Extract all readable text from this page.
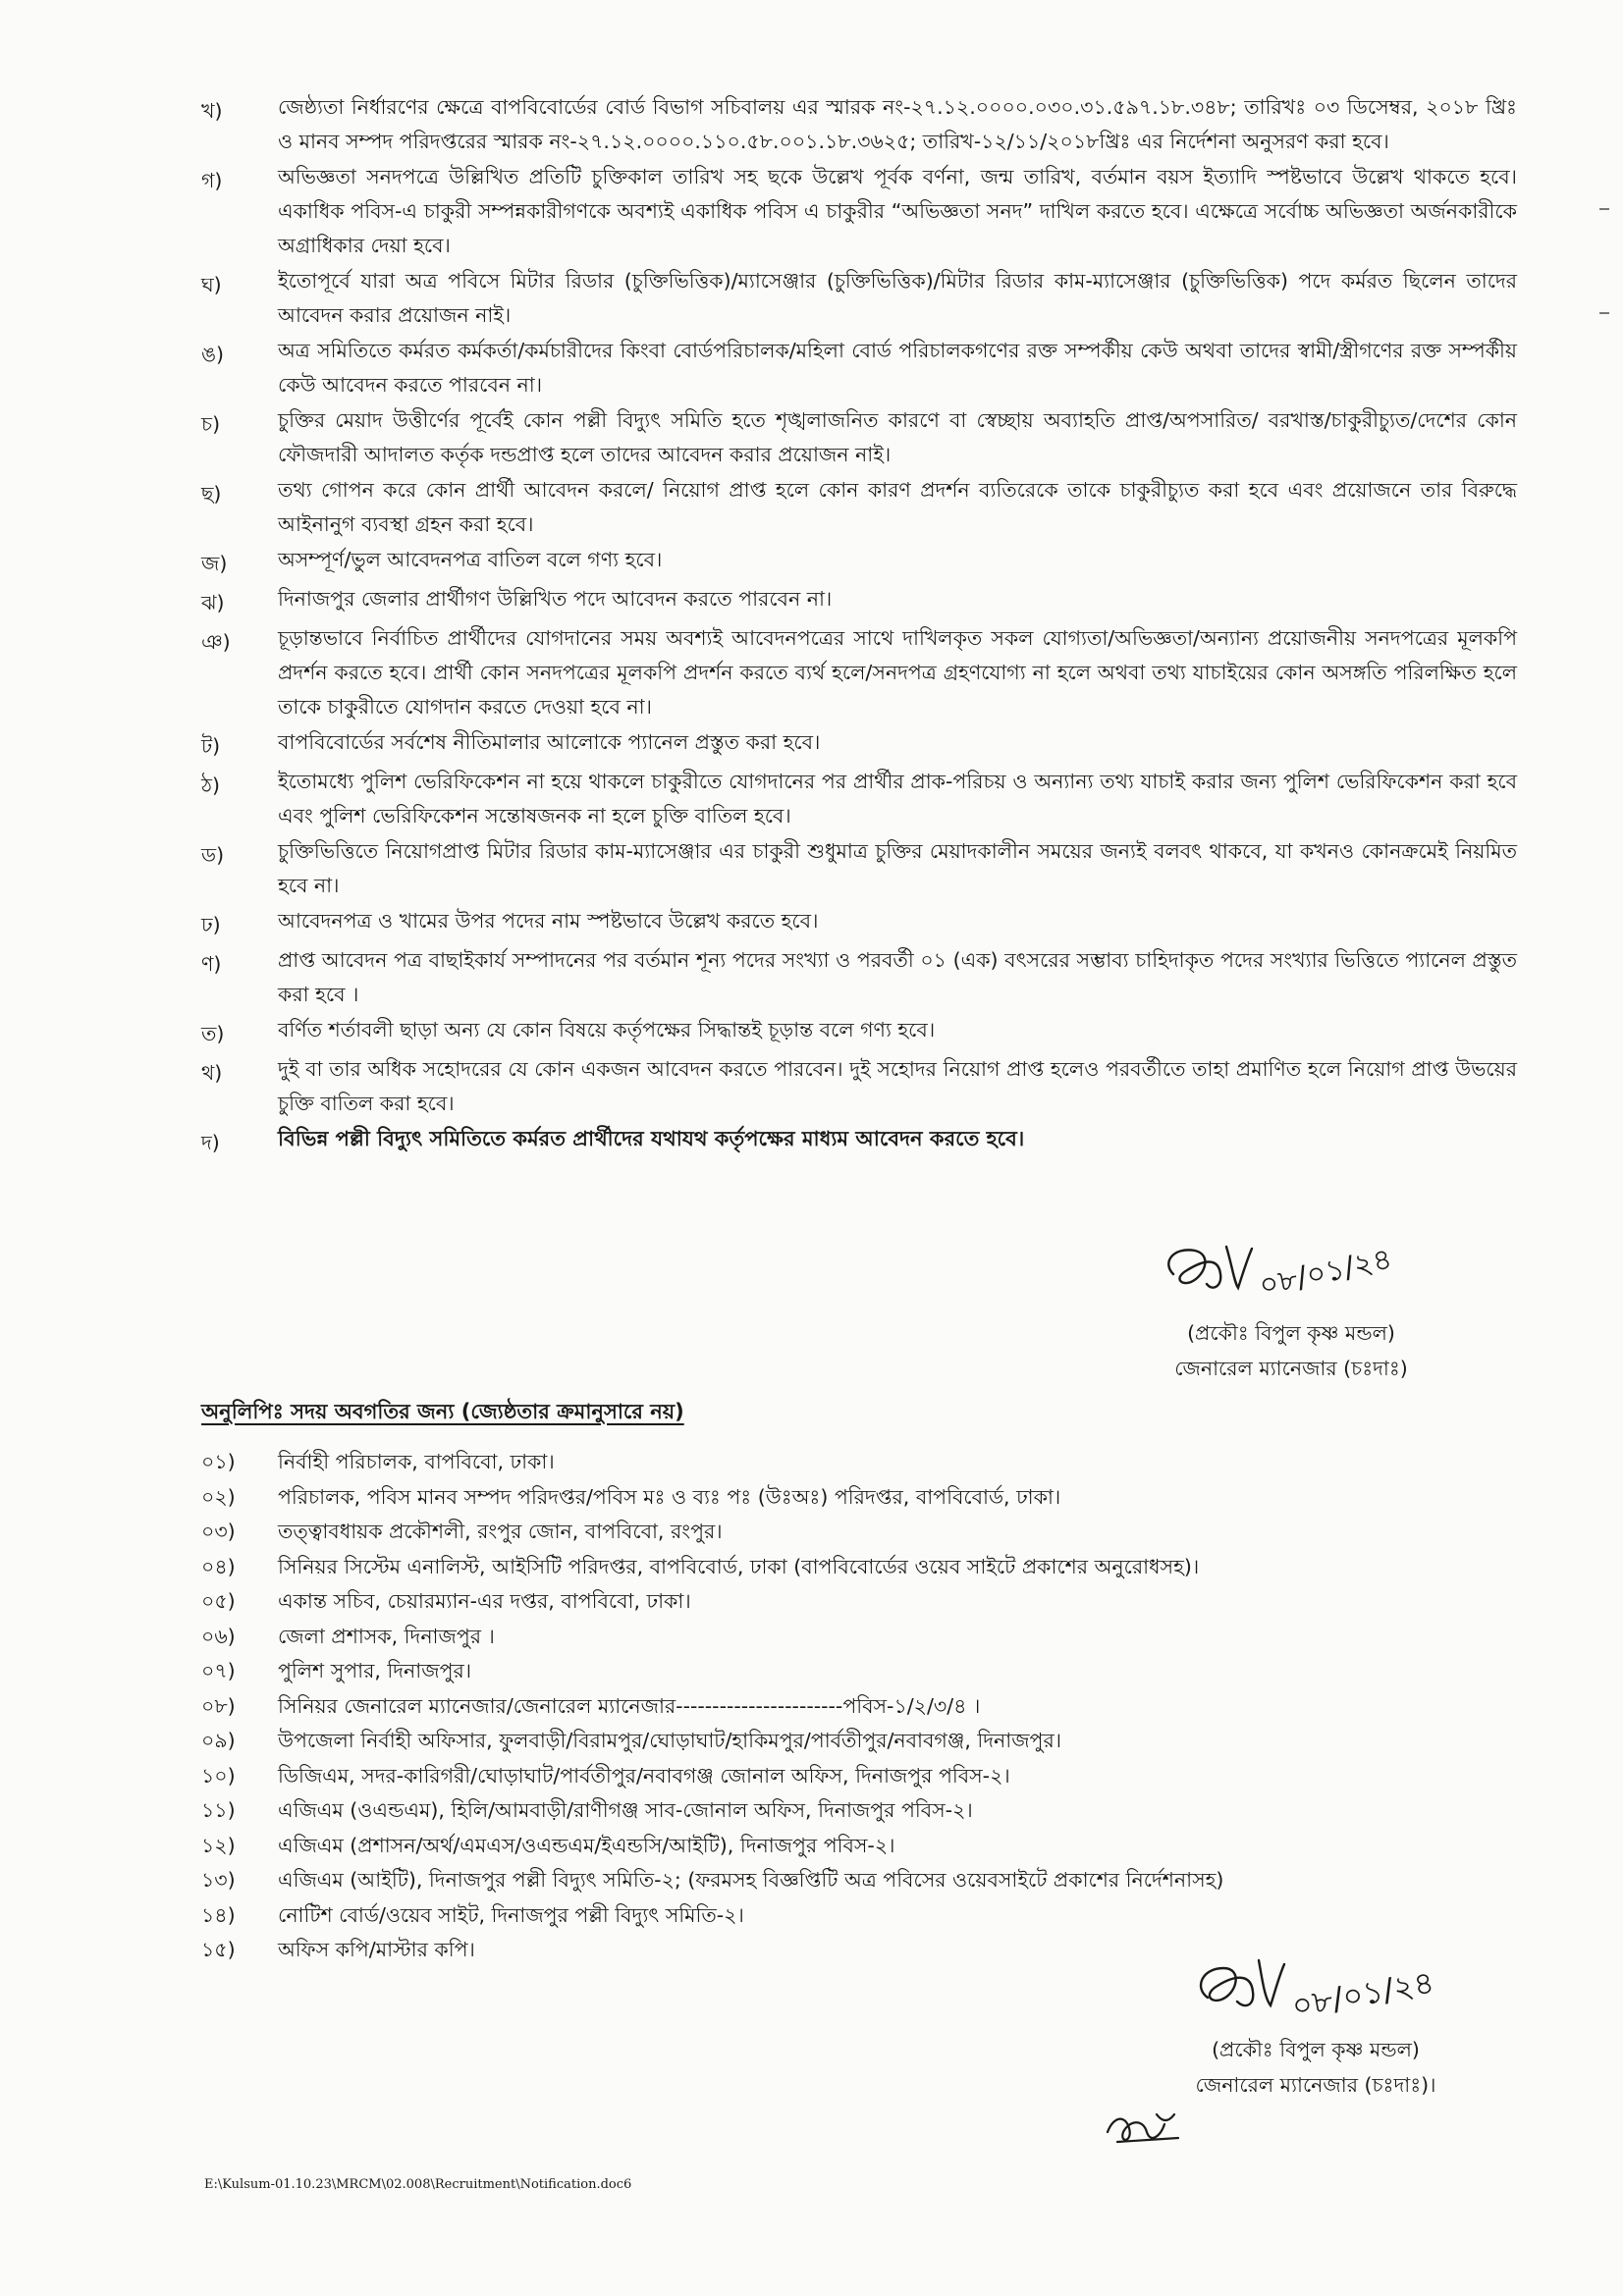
খ)	জেষ্ঠ্যতা নির্ধারণের ক্ষেত্রে বাপবিবোর্ডের বোর্ড বিভাগ সচিবালয় এর স্মারক নং-২৭.১২.০০০০.০৩০.৩১.৫৯৭.১৮.৩৪৮; তারিখঃ ০৩ ডিসেম্বর, ২০১৮ খ্রিঃ ও মানব সম্পদ পরিদপ্তরের স্মারক নং-২৭.১২.০০০০.১১০.৫৮.০০১.১৮.৩৬২৫; তারিখ-১২/১১/২০১৮খ্রিঃ এর নির্দেশনা অনুসরণ করা হবে।
গ)	অভিজ্ঞতা সনদপত্রে উল্লিখিত প্রতিটি চুক্তিকাল তারিখ সহ ছকে উল্লেখ পূর্বক বর্ণনা, জন্ম তারিখ, বর্তমান বয়স ইত্যাদি স্পষ্টভাবে উল্লেখ থাকতে হবে। একাধিক পবিস-এ চাকুরী সম্পন্নকারীগণকে অবশ্যই একাধিক পবিস এ চাকুরীর “অভিজ্ঞতা সনদ” দাখিল করতে হবে। এক্ষেত্রে সর্বোচ্চ অভিজ্ঞতা অর্জনকারীকে অগ্রাধিকার দেয়া হবে।
ঘ)	ইতোপূর্বে যারা অত্র পবিসে মিটার রিডার (চুক্তিভিত্তিক)/ম্যাসেঞ্জার (চুক্তিভিত্তিক)/মিটার রিডার কাম-ম্যাসেঞ্জার (চুক্তিভিত্তিক) পদে কর্মরত ছিলেন তাদের আবেদন করার প্রয়োজন নাই।
ঙ)	অত্র সমিতিতে কর্মরত কর্মকর্তা/কর্মচারীদের কিংবা বোর্ডপরিচালক/মহিলা বোর্ড পরিচালকগণের রক্ত সম্পর্কীয় কেউ অথবা তাদের স্বামী/স্ত্রীগণের রক্ত সম্পর্কীয় কেউ আবেদন করতে পারবেন না।
চ)	চুক্তির মেয়াদ উত্তীর্ণের পূর্বেই কোন পল্লী বিদ্যুৎ সমিতি হতে শৃঙ্খলাজনিত কারণে বা স্বেচ্ছায় অব্যাহতি প্রাপ্ত/অপসারিত/ বরখাস্ত/চাকুরীচ্যুত/দেশের কোন ফৌজদারী আদালত কর্তৃক দন্ডপ্রাপ্ত হলে তাদের আবেদন করার প্রয়োজন নাই।
ছ)	তথ্য গোপন করে কোন প্রার্থী আবেদন করলে/ নিয়োগ প্রাপ্ত হলে কোন কারণ প্রদর্শন ব্যতিরেকে তাকে চাকুরীচ্যুত করা হবে এবং প্রয়োজনে তার বিরুদ্ধে আইনানুগ ব্যবস্থা গ্রহন করা হবে।
জ)	অসম্পূর্ণ/ভুল আবেদনপত্র বাতিল বলে গণ্য হবে।
ঝ)	দিনাজপুর জেলার প্রার্থীগণ উল্লিখিত পদে আবেদন করতে পারবেন না।
ঞ)	চূড়ান্তভাবে নির্বাচিত প্রার্থীদের যোগদানের সময় অবশ্যই আবেদনপত্রের সাথে দাখিলকৃত সকল যোগ্যতা/অভিজ্ঞতা/অন্যান্য প্রয়োজনীয় সনদপত্রের মূলকপি প্রদর্শন করতে হবে। প্রার্থী কোন সনদপত্রের মূলকপি প্রদর্শন করতে ব্যর্থ হলে/সনদপত্র গ্রহণযোগ্য না হলে অথবা তথ্য যাচাইয়ের কোন অসঙ্গতি পরিলক্ষিত হলে তাকে চাকুরীতে যোগদান করতে দেওয়া হবে না।
ট)	বাপবিবোর্ডের সর্বশেষ নীতিমালার আলোকে প্যানেল প্রস্তুত করা হবে।
ঠ)	ইতোমধ্যে পুলিশ ভেরিফিকেশন না হয়ে থাকলে চাকুরীতে যোগদানের পর প্রার্থীর প্রাক-পরিচয় ও অন্যান্য তথ্য যাচাই করার জন্য পুলিশ ভেরিফিকেশন করা হবে এবং পুলিশ ভেরিফিকেশন সন্তোষজনক না হলে চুক্তি বাতিল হবে।
ড)	চুক্তিভিত্তিতে নিয়োগপ্রাপ্ত মিটার রিডার কাম-ম্যাসেঞ্জার এর চাকুরী শুধুমাত্র চুক্তির মেয়াদকালীন সময়ের জন্যই বলবৎ থাকবে, যা কখনও কোনক্রমেই নিয়মিত হবে না।
ঢ)	আবেদনপত্র ও খামের উপর পদের নাম স্পষ্টভাবে উল্লেখ করতে হবে।
ণ)	প্রাপ্ত আবেদন পত্র বাছাইকার্য সম্পাদনের পর বর্তমান শূন্য পদের সংখ্যা ও পরবর্তী ০১ (এক) বৎসরের সম্ভাব্য চাহিদাকৃত পদের সংখ্যার ভিত্তিতে প্যানেল প্রস্তুত করা হবে ।
ত)	বর্ণিত শর্তাবলী ছাড়া অন্য যে কোন বিষয়ে কর্তৃপক্ষের সিদ্ধান্তই চূড়ান্ত বলে গণ্য হবে।
থ)	দুই বা তার অধিক সহোদরের যে কোন একজন আবেদন করতে পারবেন। দুই সহোদর নিয়োগ প্রাপ্ত হলেও পরবর্তীতে তাহা প্রমাণিত হলে নিয়োগ প্রাপ্ত উভয়ের চুক্তি বাতিল করা হবে।
দ)	বিভিন্ন পল্লী বিদ্যুৎ সমিতিতে কর্মরত প্রার্থীদের যথাযথ কর্তৃপক্ষের মাধ্যম আবেদন করতে হবে।
০৮/০১/২৪
(প্রকৌঃ বিপুল কৃষ্ণ মন্ডল)
জেনারেল ম্যানেজার (চঃদাঃ)
অনুলিপিঃ সদয় অবগতির জন্য (জ্যেষ্ঠতার ক্রমানুসারে নয়)
০১)	নির্বাহী পরিচালক, বাপবিবো, ঢাকা।
০২)	পরিচালক, পবিস মানব সম্পদ পরিদপ্তর/পবিস মঃ ও ব্যঃ পঃ (উঃঅঃ) পরিদপ্তর, বাপবিবোর্ড, ঢাকা।
০৩)	তত্ত্বাবধায়ক প্রকৌশলী, রংপুর জোন, বাপবিবো, রংপুর।
০৪)	সিনিয়র সিস্টেম এনালিস্ট, আইসিটি পরিদপ্তর, বাপবিবোর্ড, ঢাকা (বাপবিবোর্ডের ওয়েব সাইটে প্রকাশের অনুরোধসহ)।
০৫)	একান্ত সচিব, চেয়ারম্যান-এর দপ্তর, বাপবিবো, ঢাকা।
০৬)	জেলা প্রশাসক, দিনাজপুর ।
০৭)	পুলিশ সুপার, দিনাজপুর।
০৮)	সিনিয়র জেনারেল ম্যানেজার/জেনারেল ম্যানেজার-----------------------পবিস-১/২/৩/৪ ।
০৯)	উপজেলা নির্বাহী অফিসার, ফুলবাড়ী/বিরামপুর/ঘোড়াঘাট/হাকিমপুর/পার্বতীপুর/নবাবগঞ্জ, দিনাজপুর।
১০)	ডিজিএম, সদর-কারিগরী/ঘোড়াঘাট/পার্বতীপুর/নবাবগঞ্জ জোনাল অফিস, দিনাজপুর পবিস-২।
১১)	এজিএম (ওএন্ডএম), হিলি/আমবাড়ী/রাণীগঞ্জ সাব-জোনাল অফিস, দিনাজপুর পবিস-২।
১২)	এজিএম (প্রশাসন/অর্থ/এমএস/ওএন্ডএম/ইএন্ডসি/আইটি), দিনাজপুর পবিস-২।
১৩)	এজিএম (আইটি), দিনাজপুর পল্লী বিদ্যুৎ সমিতি-২; (ফরমসহ বিজ্ঞপ্তিটি অত্র পবিসের ওয়েবসাইটে প্রকাশের নির্দেশনাসহ)
১৪)	নোটিশ বোর্ড/ওয়েব সাইট, দিনাজপুর পল্লী বিদ্যুৎ সমিতি-২।
১৫)	অফিস কপি/মাস্টার কপি।
০৮/০১/২৪
(প্রকৌঃ বিপুল কৃষ্ণ মন্ডল)
জেনারেল ম্যানেজার (চঃদাঃ)।
E:\Kulsum-01.10.23\MRCM\02.008\Recruitment\Notification.doc6
